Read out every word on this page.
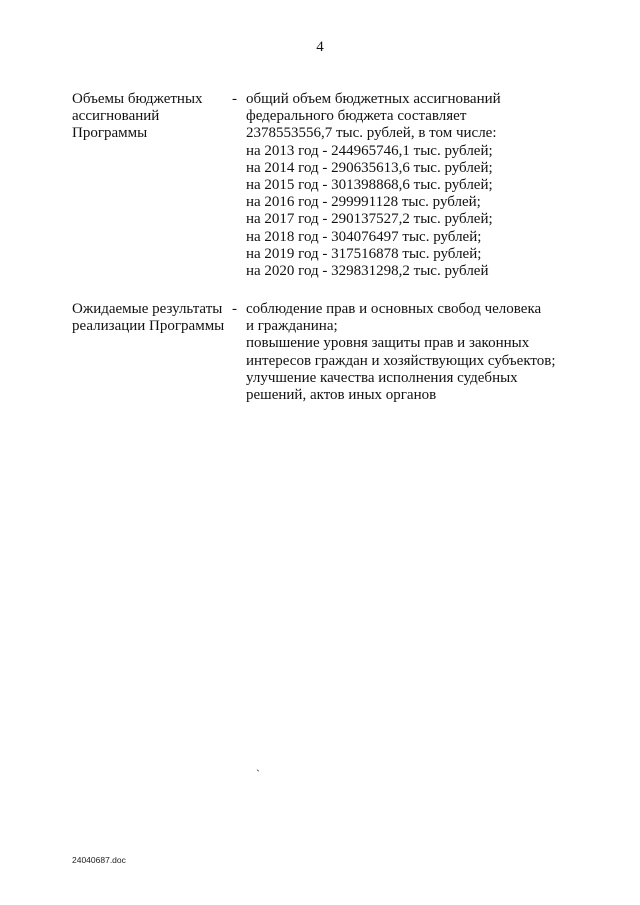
4
Объемы бюджетных
ассигнований
Программы
- общий объем бюджетных ассигнований
федерального бюджета составляет
2378553556,7 тыс. рублей, в том числе:
на 2013 год - 244965746,1 тыс. рублей;
на 2014 год - 290635613,6 тыс. рублей;
на 2015 год - 301398868,6 тыс. рублей;
на 2016 год - 299991128 тыс. рублей;
на 2017 год - 290137527,2 тыс. рублей;
на 2018 год - 304076497 тыс. рублей;
на 2019 год - 317516878 тыс. рублей;
на 2020 год - 329831298,2 тыс. рублей
Ожидаемые результаты
реализации Программы
- соблюдение прав и основных свобод человека
и гражданина;
повышение уровня защиты прав и законных
интересов граждан и хозяйствующих субъектов;
улучшение качества исполнения судебных
решений, актов иных органов
`
24040687.doc
